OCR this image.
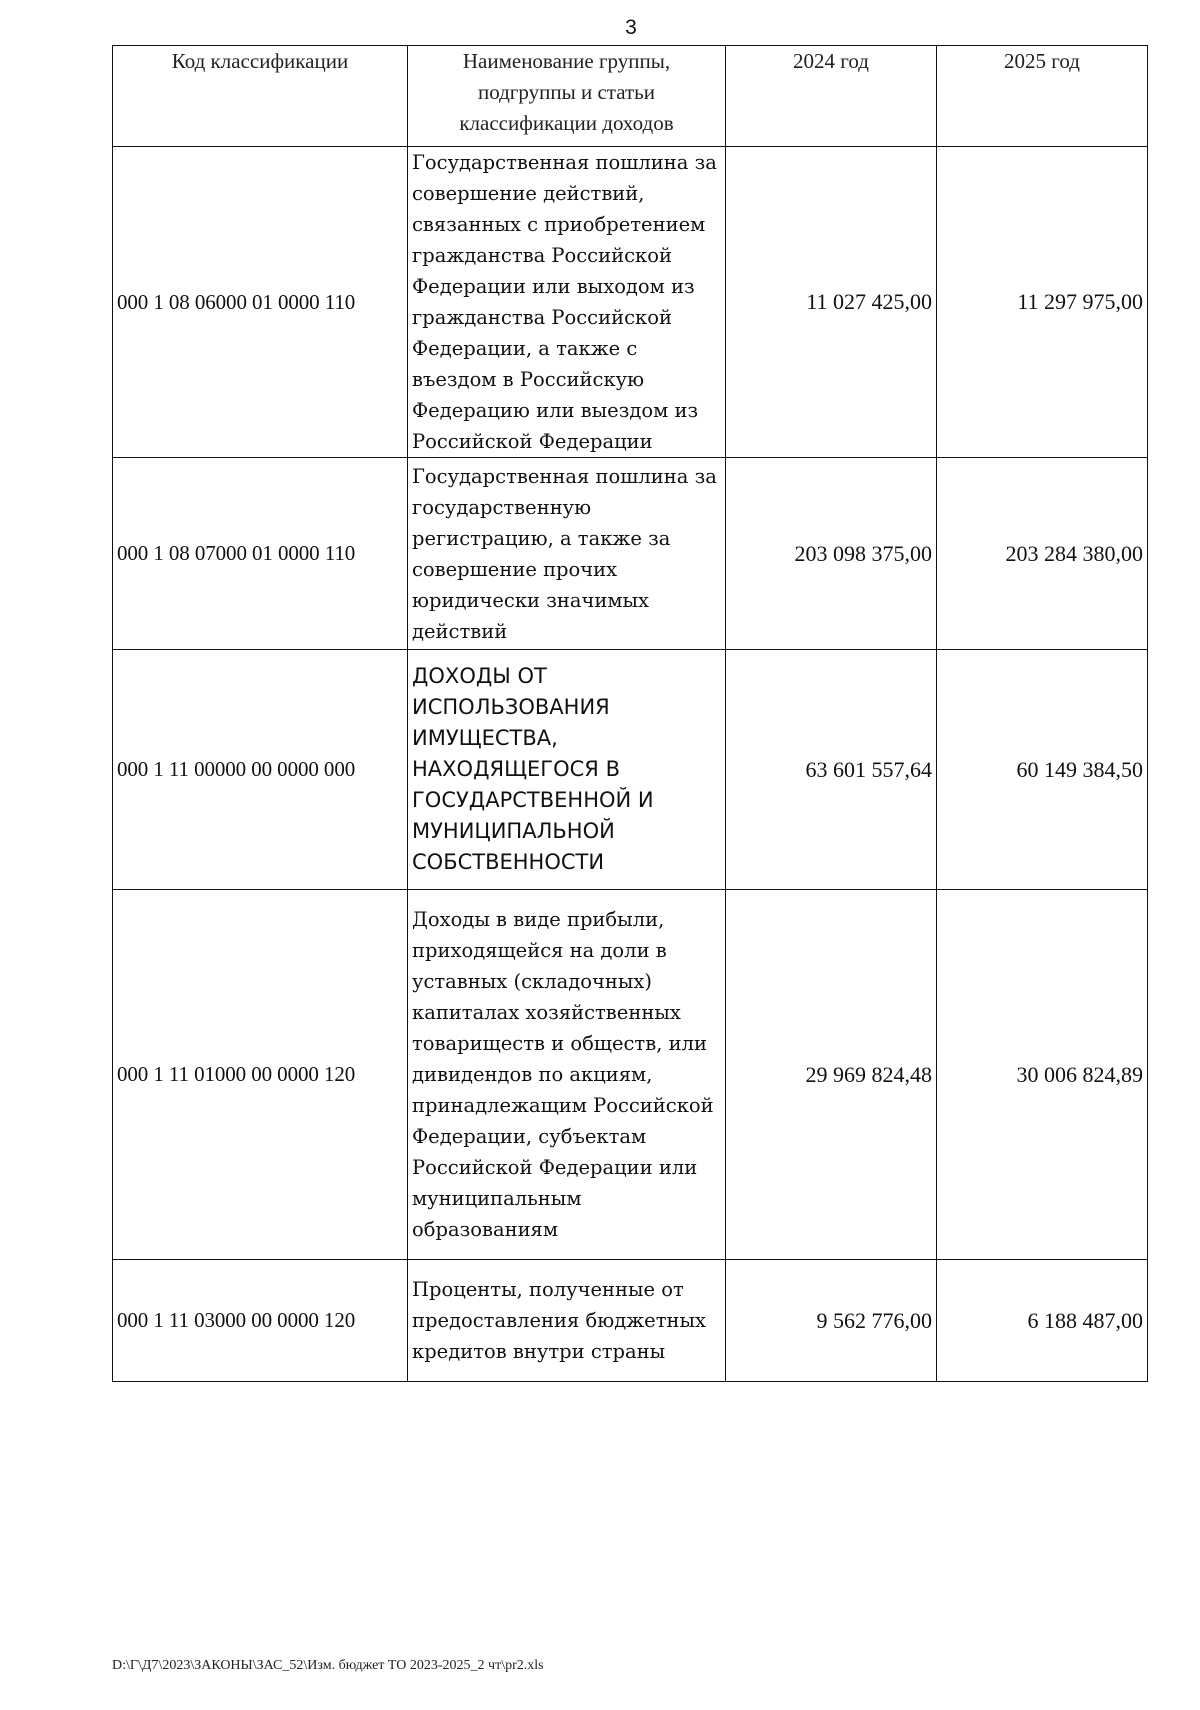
3
Код классификации	Наименование группы, подгруппы и статьи классификации доходов	2024 год	2025 год
000 1 08 06000 01 0000 110	Государственная пошлина за совершение действий, связанных с приобретением гражданства Российской Федерации или выходом из гражданства Российской Федерации, а также с въездом в Российскую Федерацию или выездом из Российской Федерации	11 027 425,00	11 297 975,00
000 1 08 07000 01 0000 110	Государственная пошлина за государственную регистрацию, а также за совершение прочих юридически значимых действий	203 098 375,00	203 284 380,00
000 1 11 00000 00 0000 000	ДОХОДЫ ОТ ИСПОЛЬЗОВАНИЯ ИМУЩЕСТВА, НАХОДЯЩЕГОСЯ В ГОСУДАРСТВЕННОЙ И МУНИЦИПАЛЬНОЙ СОБСТВЕННОСТИ	63 601 557,64	60 149 384,50
000 1 11 01000 00 0000 120	Доходы в виде прибыли, приходящейся на доли в уставных (складочных) капиталах хозяйственных товариществ и обществ, или дивидендов по акциям, принадлежащим Российской Федерации, субъектам Российской Федерации или муниципальным образованиям	29 969 824,48	30 006 824,89
000 1 11 03000 00 0000 120	Проценты, полученные от предоставления бюджетных кредитов внутри страны	9 562 776,00	6 188 487,00
D:\Г\Д7\2023\ЗАКОНЫ\ЗАС_52\Изм. бюджет ТО 2023-2025_2 чт\pr2.xls
